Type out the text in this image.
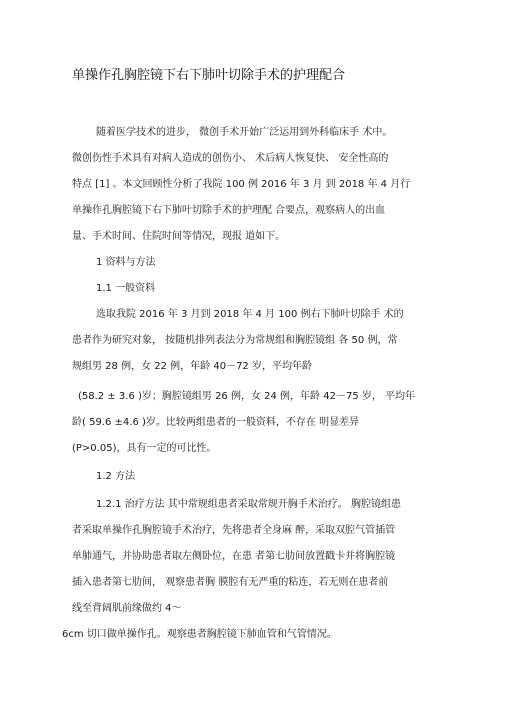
单操作孔胸腔镜下右下肺叶切除手术的护理配合
随着医学技术的进步， 微创手术开始广泛运用到外科临床手 术中。
微创伤性手术具有对病人造成的创伤小、 术后病人恢复快、 安全性高的
特点 [1] 。本文回顾性分析了我院 100 例 2016 年 3 月 到 2018 年 4 月行
单操作孔胸腔镜下右下肺叶切除手术的护理配 合要点，观察病人的出血
量、手术时间、住院时间等情况，现报 道如下。
1 资料与方法
1.1 一般资料
选取我院 2016 年 3 月到 2018 年 4 月 100 例右下肺叶切除手 术的
患者作为研究对象， 按随机排列表法分为常规组和胸腔镜组 各 50 例，常
规组男 28 例，女 22 例，年龄 40－72 岁，平均年龄
(58.2 ± 3.6 )岁；胸腔镜组男 26 例，女 24 例，年龄 42－75 岁， 平均年
龄( 59.6 ±4.6 )岁。比较两组患者的一般资料，不存在 明显差异
(P>0.05)，具有一定的可比性。
1.2 方法
1.2.1 治疗方法 其中常规组患者采取常规开胸手术治疗。 胸腔镜组患
者采取单操作孔胸腔镜手术治疗，先将患者全身麻 醉，采取双腔气管插管
单肺通气，并协助患者取左侧卧位，在患 者第七肋间放置戳卡并将胸腔镜
插入患者第七肋间， 观察患者胸 膜腔有无严重的粘连，若无则在患者前
线至背阔肌前缘做约 4～
6cm 切口做单操作孔。观察患者胸腔镜下肺血管和气管情况。
